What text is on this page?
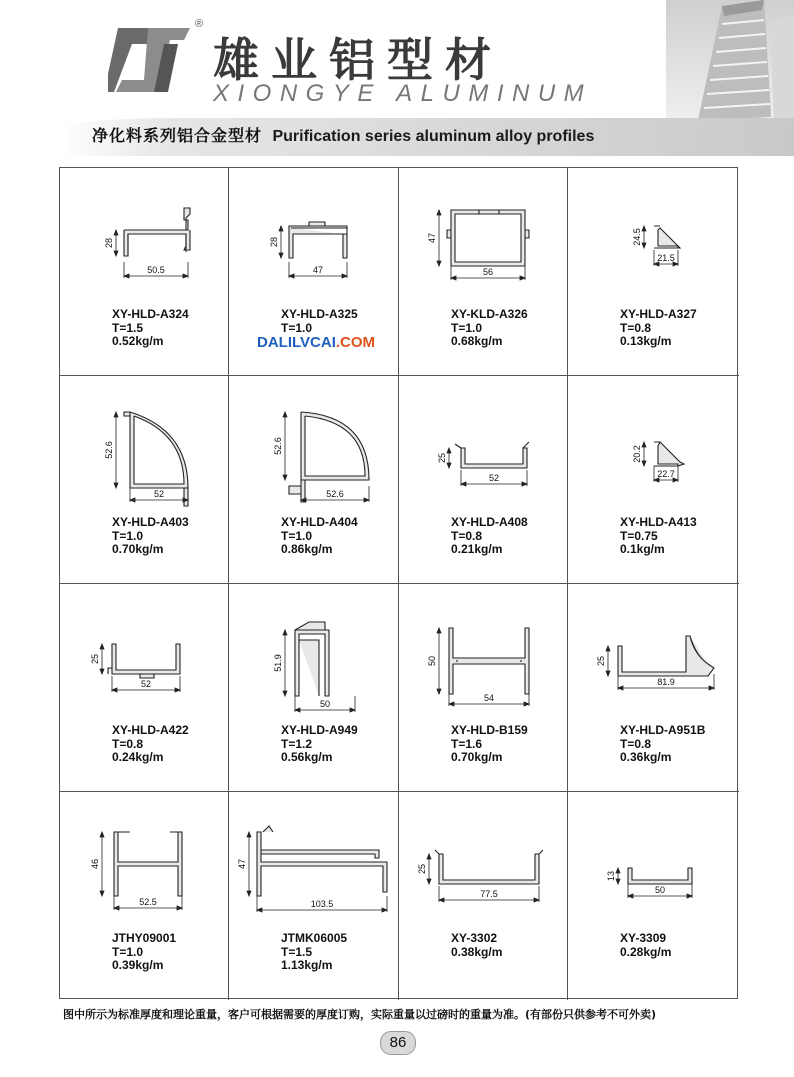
®
雄业铝型材
XIONGYE ALUMINUM
净化料系列铝合金型材 Purification series aluminum alloy profiles
28
50.5
XY-HLD-A324
T=1.5
0.52kg/m
28
47
XY-HLD-A325
T=1.0
47
56
XY-KLD-A326
T=1.0
0.68kg/m
24.5
21.5
XY-HLD-A327
T=0.8
0.13kg/m
52.6
52
XY-HLD-A403
T=1.0
0.70kg/m
52.6
52.6
XY-HLD-A404
T=1.0
0.86kg/m
25
52
XY-HLD-A408
T=0.8
0.21kg/m
20.2
22.7
XY-HLD-A413
T=0.75
0.1kg/m
25
52
XY-HLD-A422
T=0.8
0.24kg/m
51.9
50
XY-HLD-A949
T=1.2
0.56kg/m
50
54
XY-HLD-B159
T=1.6
0.70kg/m
25
81.9
XY-HLD-A951B
T=0.8
0.36kg/m
46
52.5
JTHY09001
T=1.0
0.39kg/m
47
103.5
JTMK06005
T=1.5
1.13kg/m
25
77.5
XY-3302
0.38kg/m
13
50
XY-3309
0.28kg/m
DALILVCAI.COM
图中所示为标准厚度和理论重量，客户可根据需要的厚度订购，实际重量以过磅时的重量为准。(有部份只供参考不可外卖)
86
